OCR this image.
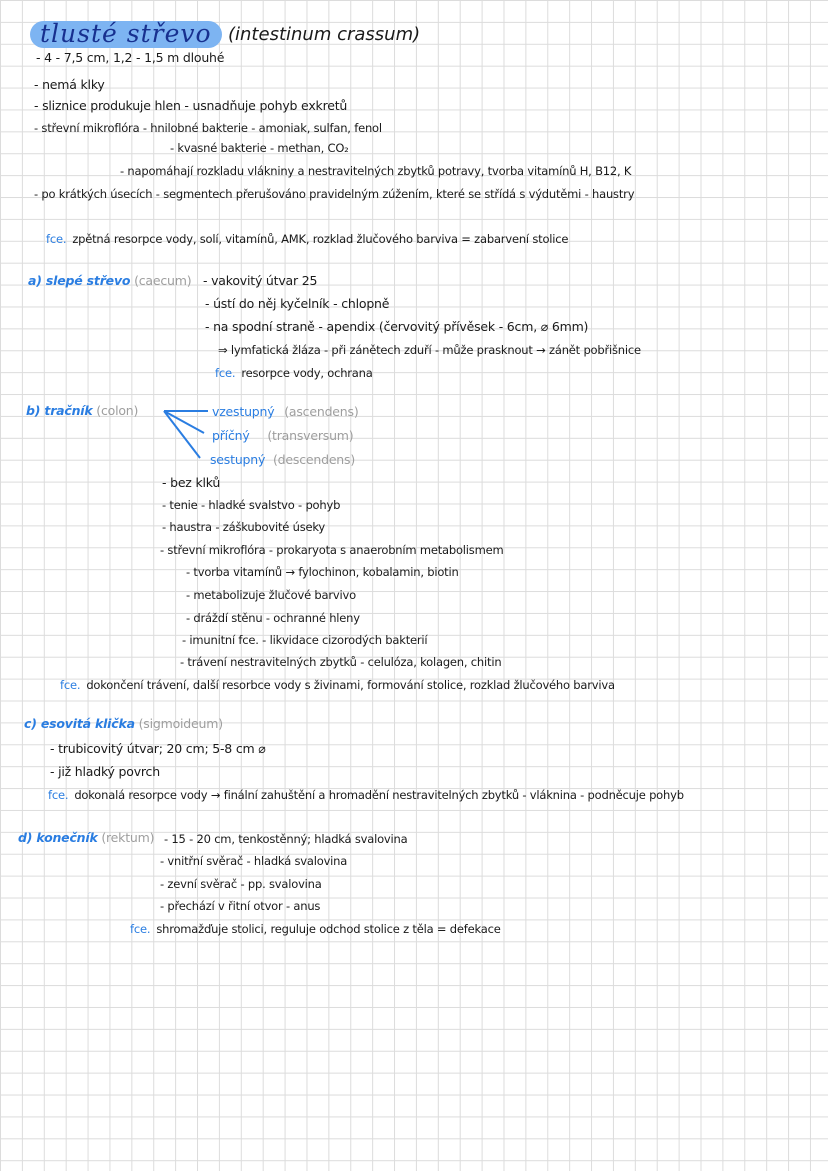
tlusté střevo (intestinum crassum)
- 4 - 7,5 cm, 1,2 - 1,5 m dlouhé
- nemá klky
- sliznice produkuje hlen - usnadňuje pohyb exkretů
- střevní mikroflóra - hnilobné bakterie - amoniak, sulfan, fenol
- kvasné bakterie - methan, CO₂
- napomáhají rozkladu vlákniny a nestravitelných zbytků potravy, tvorba vitamínů H, B12, K
- po krátkých úsecích - segmentech přerušováno pravidelným zúžením, které se střídá s výdutěmi - haustry
fce. zpětná resorpce vody, solí, vitamínů, AMK, rozklad žlučového barviva = zabarvení stolice
a) slepé střevo (caecum) - vakovitý útvar 25
- ústí do něj kyčelník - chlopně
- na spodní straně - apendix (červovitý přívěsek - 6cm, ⌀ 6mm)
⇒ lymfatická žláza - při zánětech zduří - může prasknout → zánět pobřišnice
fce. resorpce vody, ochrana
b) tračník (colon)	vzestupný (ascendens)
příčný (transversum)
sestupný (descendens)
- bez klků
- tenie - hladké svalstvo - pohyb
- haustra - záškubovité úseky
- střevní mikroflóra - prokaryota s anaerobním metabolismem
- tvorba vitamínů → fylochinon, kobalamin, biotin
- metabolizuje žlučové barvivo
- dráždí stěnu - ochranné hleny
- imunitní fce. - likvidace cizorodých bakterií
- trávení nestravitelných zbytků - celulóza, kolagen, chitin
fce. dokončení trávení, další resorbce vody s živinami, formování stolice, rozklad žlučového barviva
c) esovitá klička (sigmoideum)
- trubicovitý útvar; 20 cm; 5-8 cm ⌀
- již hladký povrch
fce. dokonalá resorpce vody → finální zahuštění a hromadění nestravitelných zbytků - vláknina - podněcuje pohyb
d) konečník (rektum) - 15 - 20 cm, tenkostěnný; hladká svalovina
- vnitřní svěrač - hladká svalovina
- zevní svěrač - pp. svalovina
- přechází v řitní otvor - anus
fce. shromažďuje stolici, reguluje odchod stolice z těla = defekace
